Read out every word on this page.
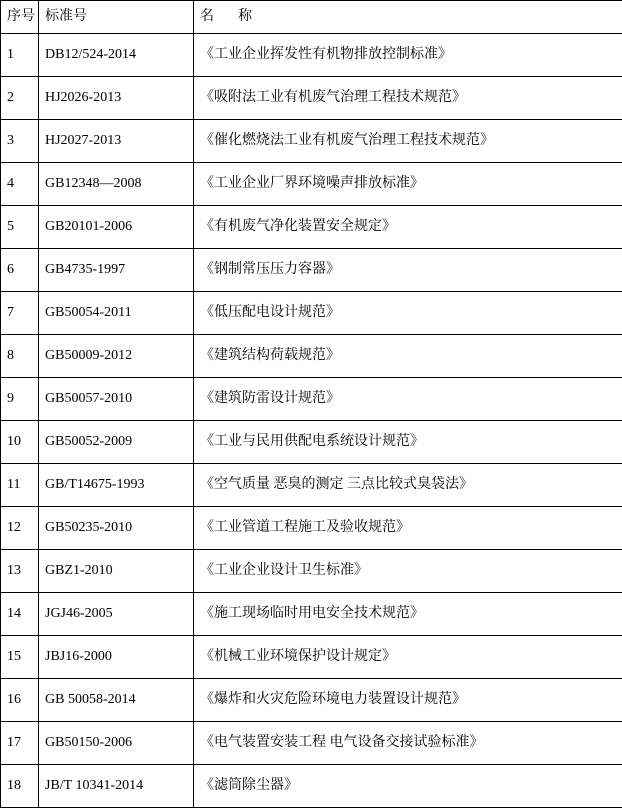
序号	标准号	名 称
1	DB12/524-2014	《工业企业挥发性有机物排放控制标准》
2	HJ2026-2013	《吸附法工业有机废气治理工程技术规范》
3	HJ2027-2013	《催化燃烧法工业有机废气治理工程技术规范》
4	GB12348—2008	《工业企业厂界环境噪声排放标准》
5	GB20101-2006	《有机废气净化装置安全规定》
6	GB4735-1997	《钢制常压压力容器》
7	GB50054-2011	《低压配电设计规范》
8	GB50009-2012	《建筑结构荷载规范》
9	GB50057-2010	《建筑防雷设计规范》
10	GB50052-2009	《工业与民用供配电系统设计规范》
11	GB/T14675-1993	《空气质量 恶臭的测定 三点比较式臭袋法》
12	GB50235-2010	《工业管道工程施工及验收规范》
13	GBZ1-2010	《工业企业设计卫生标准》
14	JGJ46-2005	《施工现场临时用电安全技术规范》
15	JBJ16-2000	《机械工业环境保护设计规定》
16	GB 50058-2014	《爆炸和火灾危险环境电力装置设计规范》
17	GB50150-2006	《电气装置安装工程 电气设备交接试验标准》
18	JB/T 10341-2014	《滤筒除尘器》
